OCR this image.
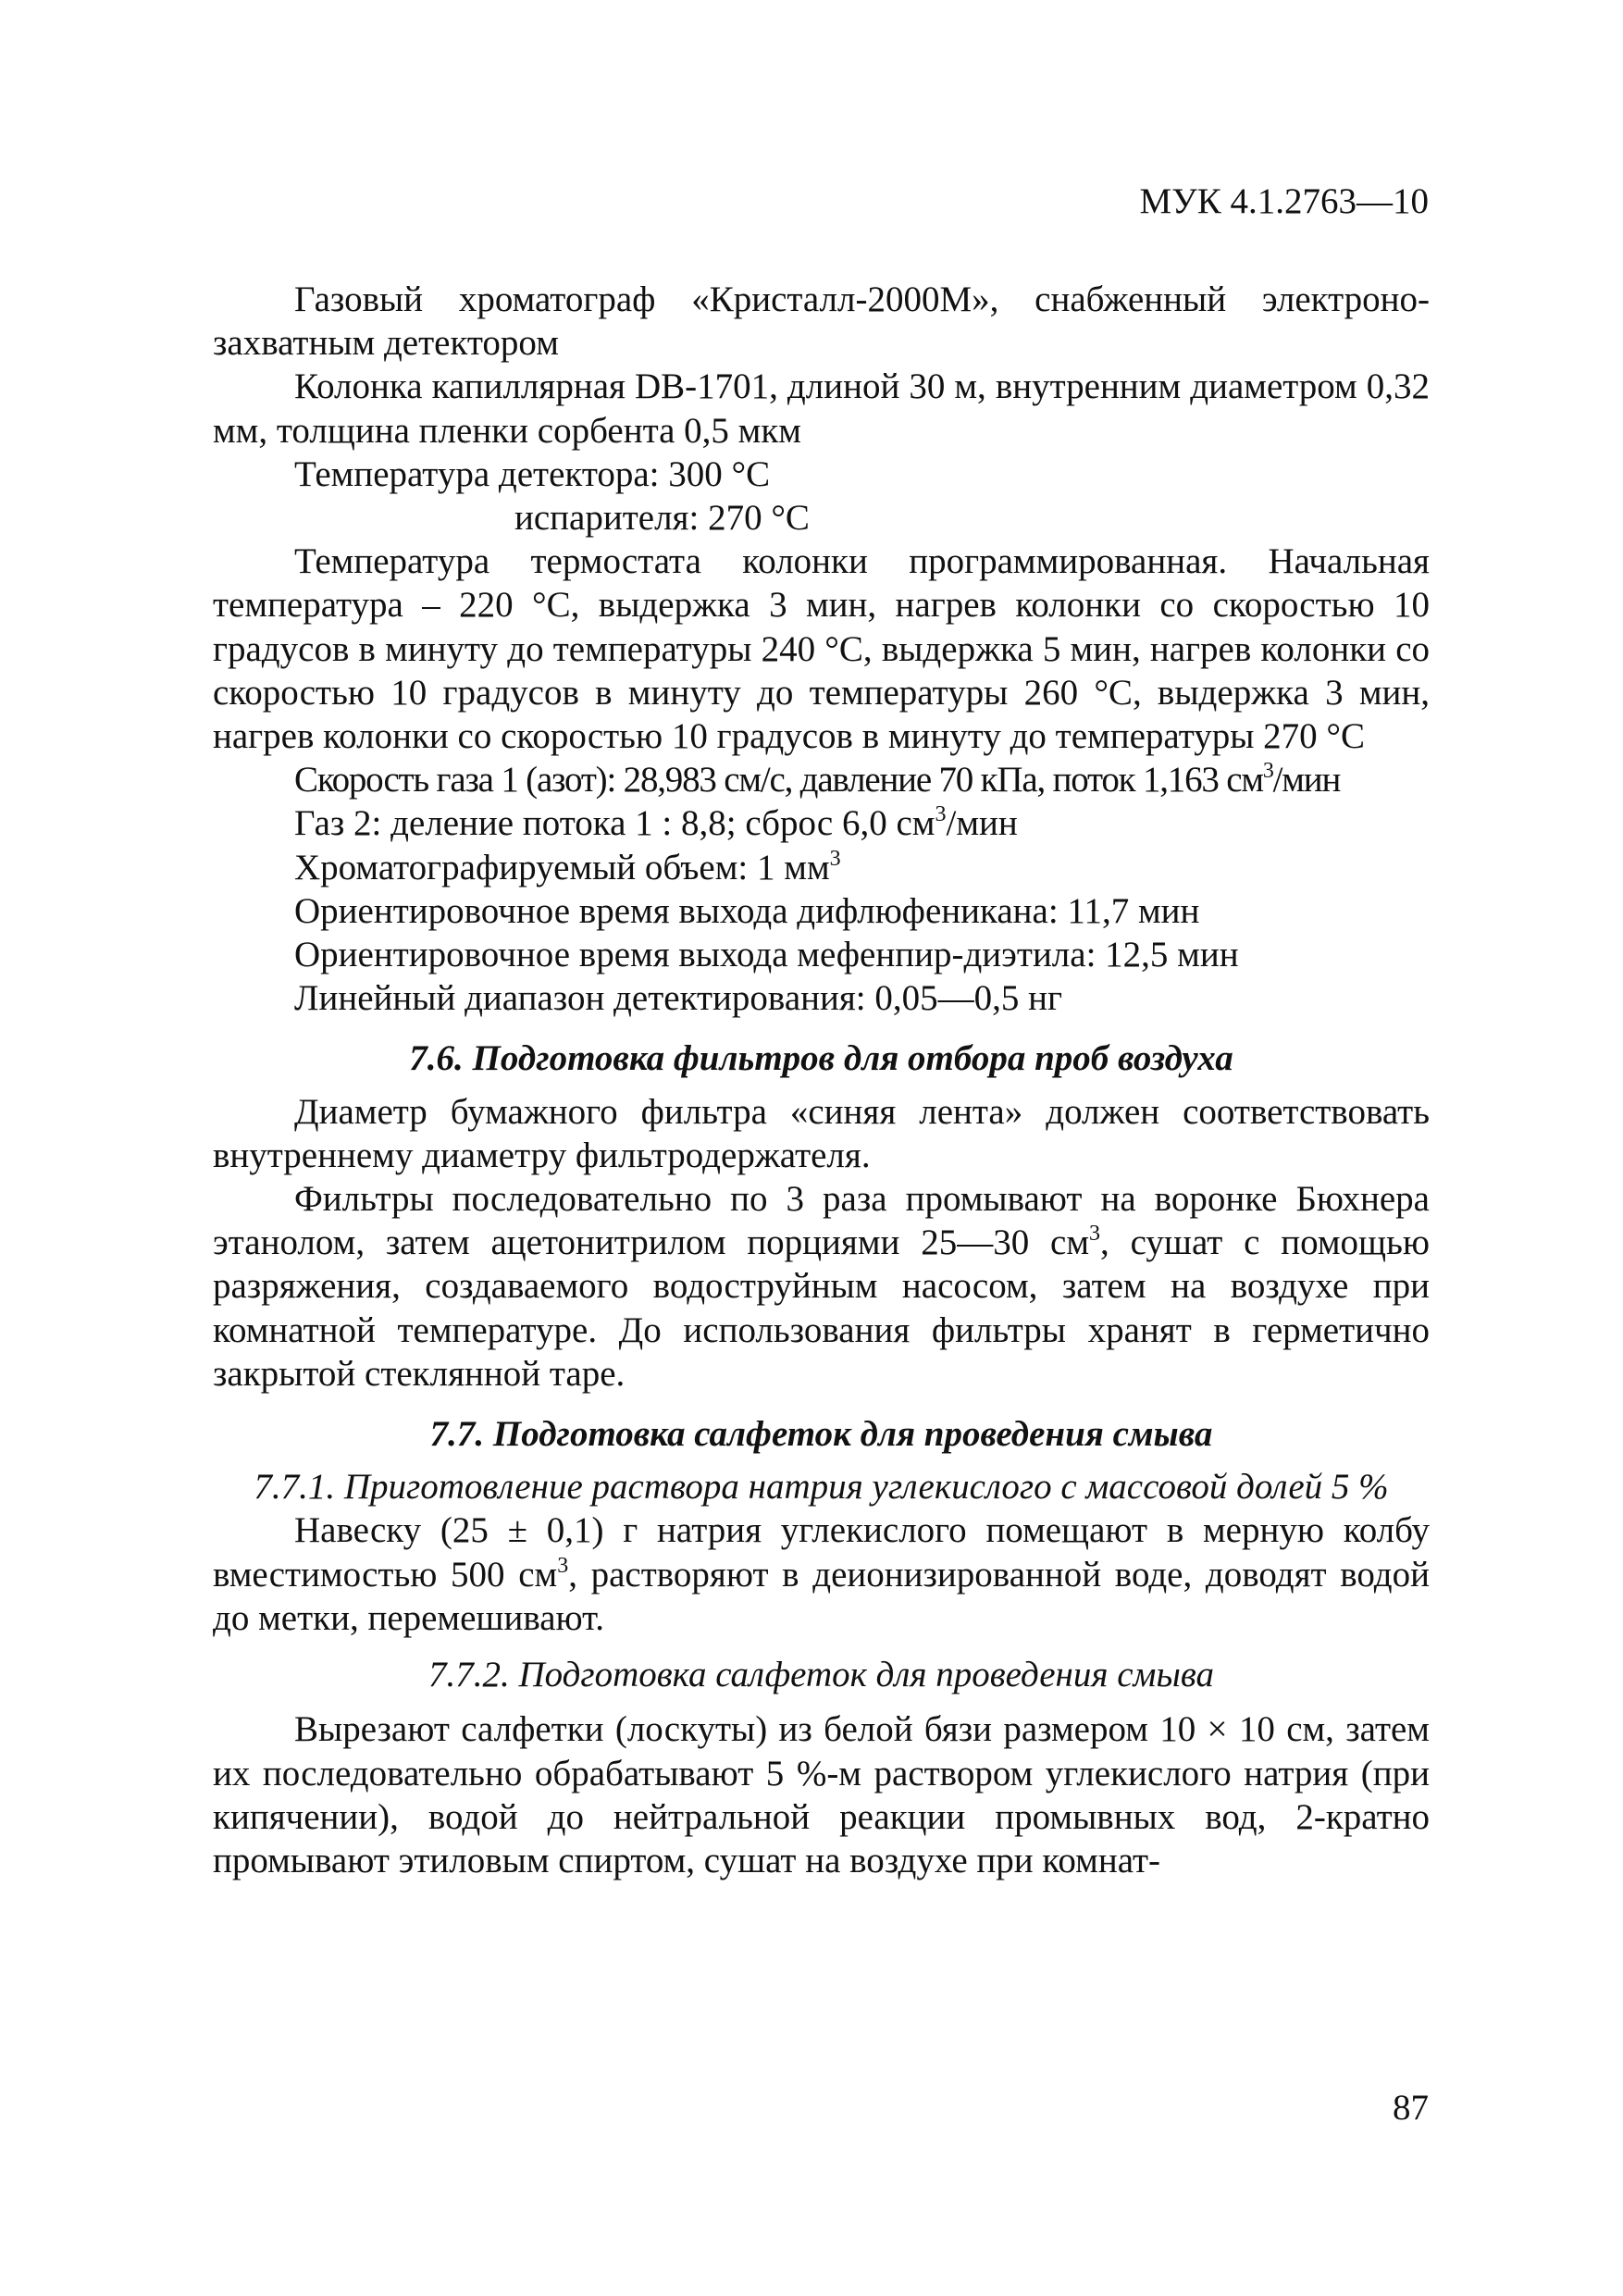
МУК 4.1.2763—10

Газовый хроматограф «Кристалл-2000М», снабженный электроно-захватным детектором

Колонка капиллярная DB-1701, длиной 30 м, внутренним диаметром 0,32 мм, толщина пленки сорбента 0,5 мкм

Температура детектора: 300 °С

испарителя: 270 °С

Температура термостата колонки программированная. Начальная температура – 220 °С, выдержка 3 мин, нагрев колонки со скоростью 10 градусов в минуту до температуры 240 °С, выдержка 5 мин, нагрев колонки со скоростью 10 градусов в минуту до температуры 260 °С, выдержка 3 мин, нагрев колонки со скоростью 10 градусов в минуту до температуры 270 °С

Скорость газа 1 (азот): 28,983 см/с, давление 70 кПа, поток 1,163 $см^3$/мин

Газ 2: деление потока 1 : 8,8; сброс 6,0 $см^3$/мин

Хроматографируемый объем: 1 $мм^3$

Ориентировочное время выхода дифлюфеникана: 11,7 мин

Ориентировочное время выхода мефенпир-диэтила: 12,5 мин

Линейный диапазон детектирования: 0,05—0,5 нг

7.6. Подготовка фильтров для отбора проб воздуха

Диаметр бумажного фильтра «синяя лента» должен соответствовать внутреннему диаметру фильтродержателя.

Фильтры последовательно по 3 раза промывают на воронке Бюхнера этанолом, затем ацетонитрилом порциями 25—30 $см^3$, сушат с помощью разряжения, создаваемого водоструйным насосом, затем на воздухе при комнатной температуре. До использования фильтры хранят в герметично закрытой стеклянной таре.

7.7. Подготовка салфеток для проведения смыва

7.7.1. Приготовление раствора натрия углекислого с массовой долей 5 %

Навеску (25 ± 0,1) г натрия углекислого помещают в мерную колбу вместимостью 500 $см^3$, растворяют в деионизированной воде, доводят водой до метки, перемешивают.

7.7.2. Подготовка салфеток для проведения смыва

Вырезают салфетки (лоскуты) из белой бязи размером 10 × 10 см, затем их последовательно обрабатывают 5 %-м раствором углекислого натрия (при кипячении), водой до нейтральной реакции промывных вод, 2-кратно промывают этиловым спиртом, сушат на воздухе при комнат-

87
